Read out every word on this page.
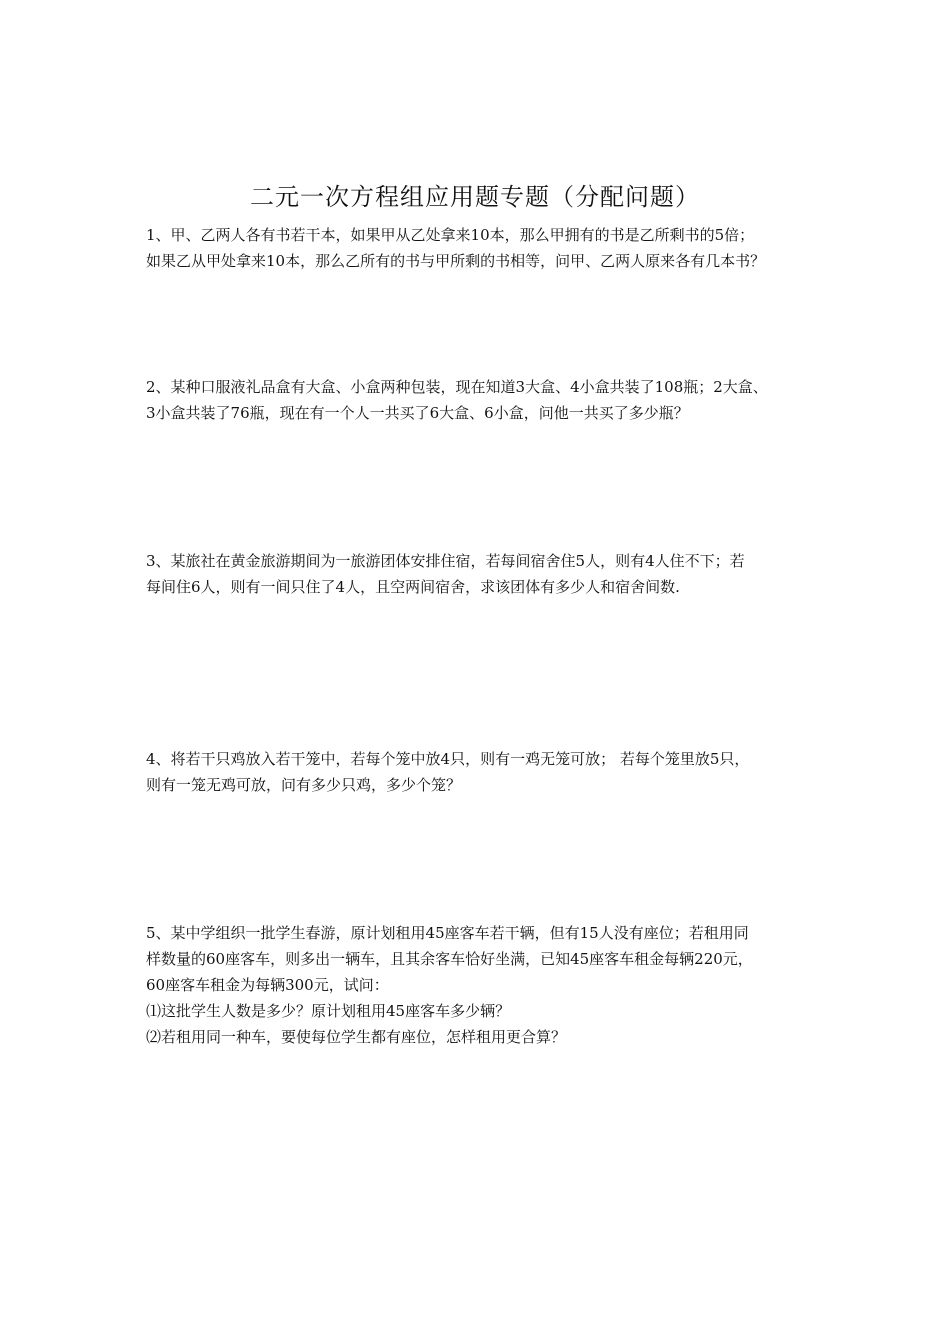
二元一次方程组应用题专题（分配问题）

1、甲、乙两人各有书若干本，如果甲从乙处拿来10本，那么甲拥有的书是乙所剩书的5倍；

如果乙从甲处拿来10本，那么乙所有的书与甲所剩的书相等，问甲、乙两人原来各有几本书？

2、某种口服液礼品盒有大盒、小盒两种包装，现在知道3大盒、4小盒共装了108瓶；2大盒、

3小盒共装了76瓶，现在有一个人一共买了6大盒、6小盒，问他一共买了多少瓶？

3、某旅社在黄金旅游期间为一旅游团体安排住宿，若每间宿舍住5人，则有4人住不下；若

每间住6人，则有一间只住了4人，且空两间宿舍，求该团体有多少人和宿舍间数.

4、将若干只鸡放入若干笼中，若每个笼中放4只，则有一鸡无笼可放； 若每个笼里放5只，

则有一笼无鸡可放，问有多少只鸡，多少个笼？

5、某中学组织一批学生春游，原计划租用45座客车若干辆，但有15人没有座位；若租用同

样数量的60座客车，则多出一辆车，且其余客车恰好坐满，已知45座客车租金每辆220元，

60座客车租金为每辆300元，试问：

⑴这批学生人数是多少？原计划租用45座客车多少辆？

⑵若租用同一种车，要使每位学生都有座位，怎样租用更合算？
